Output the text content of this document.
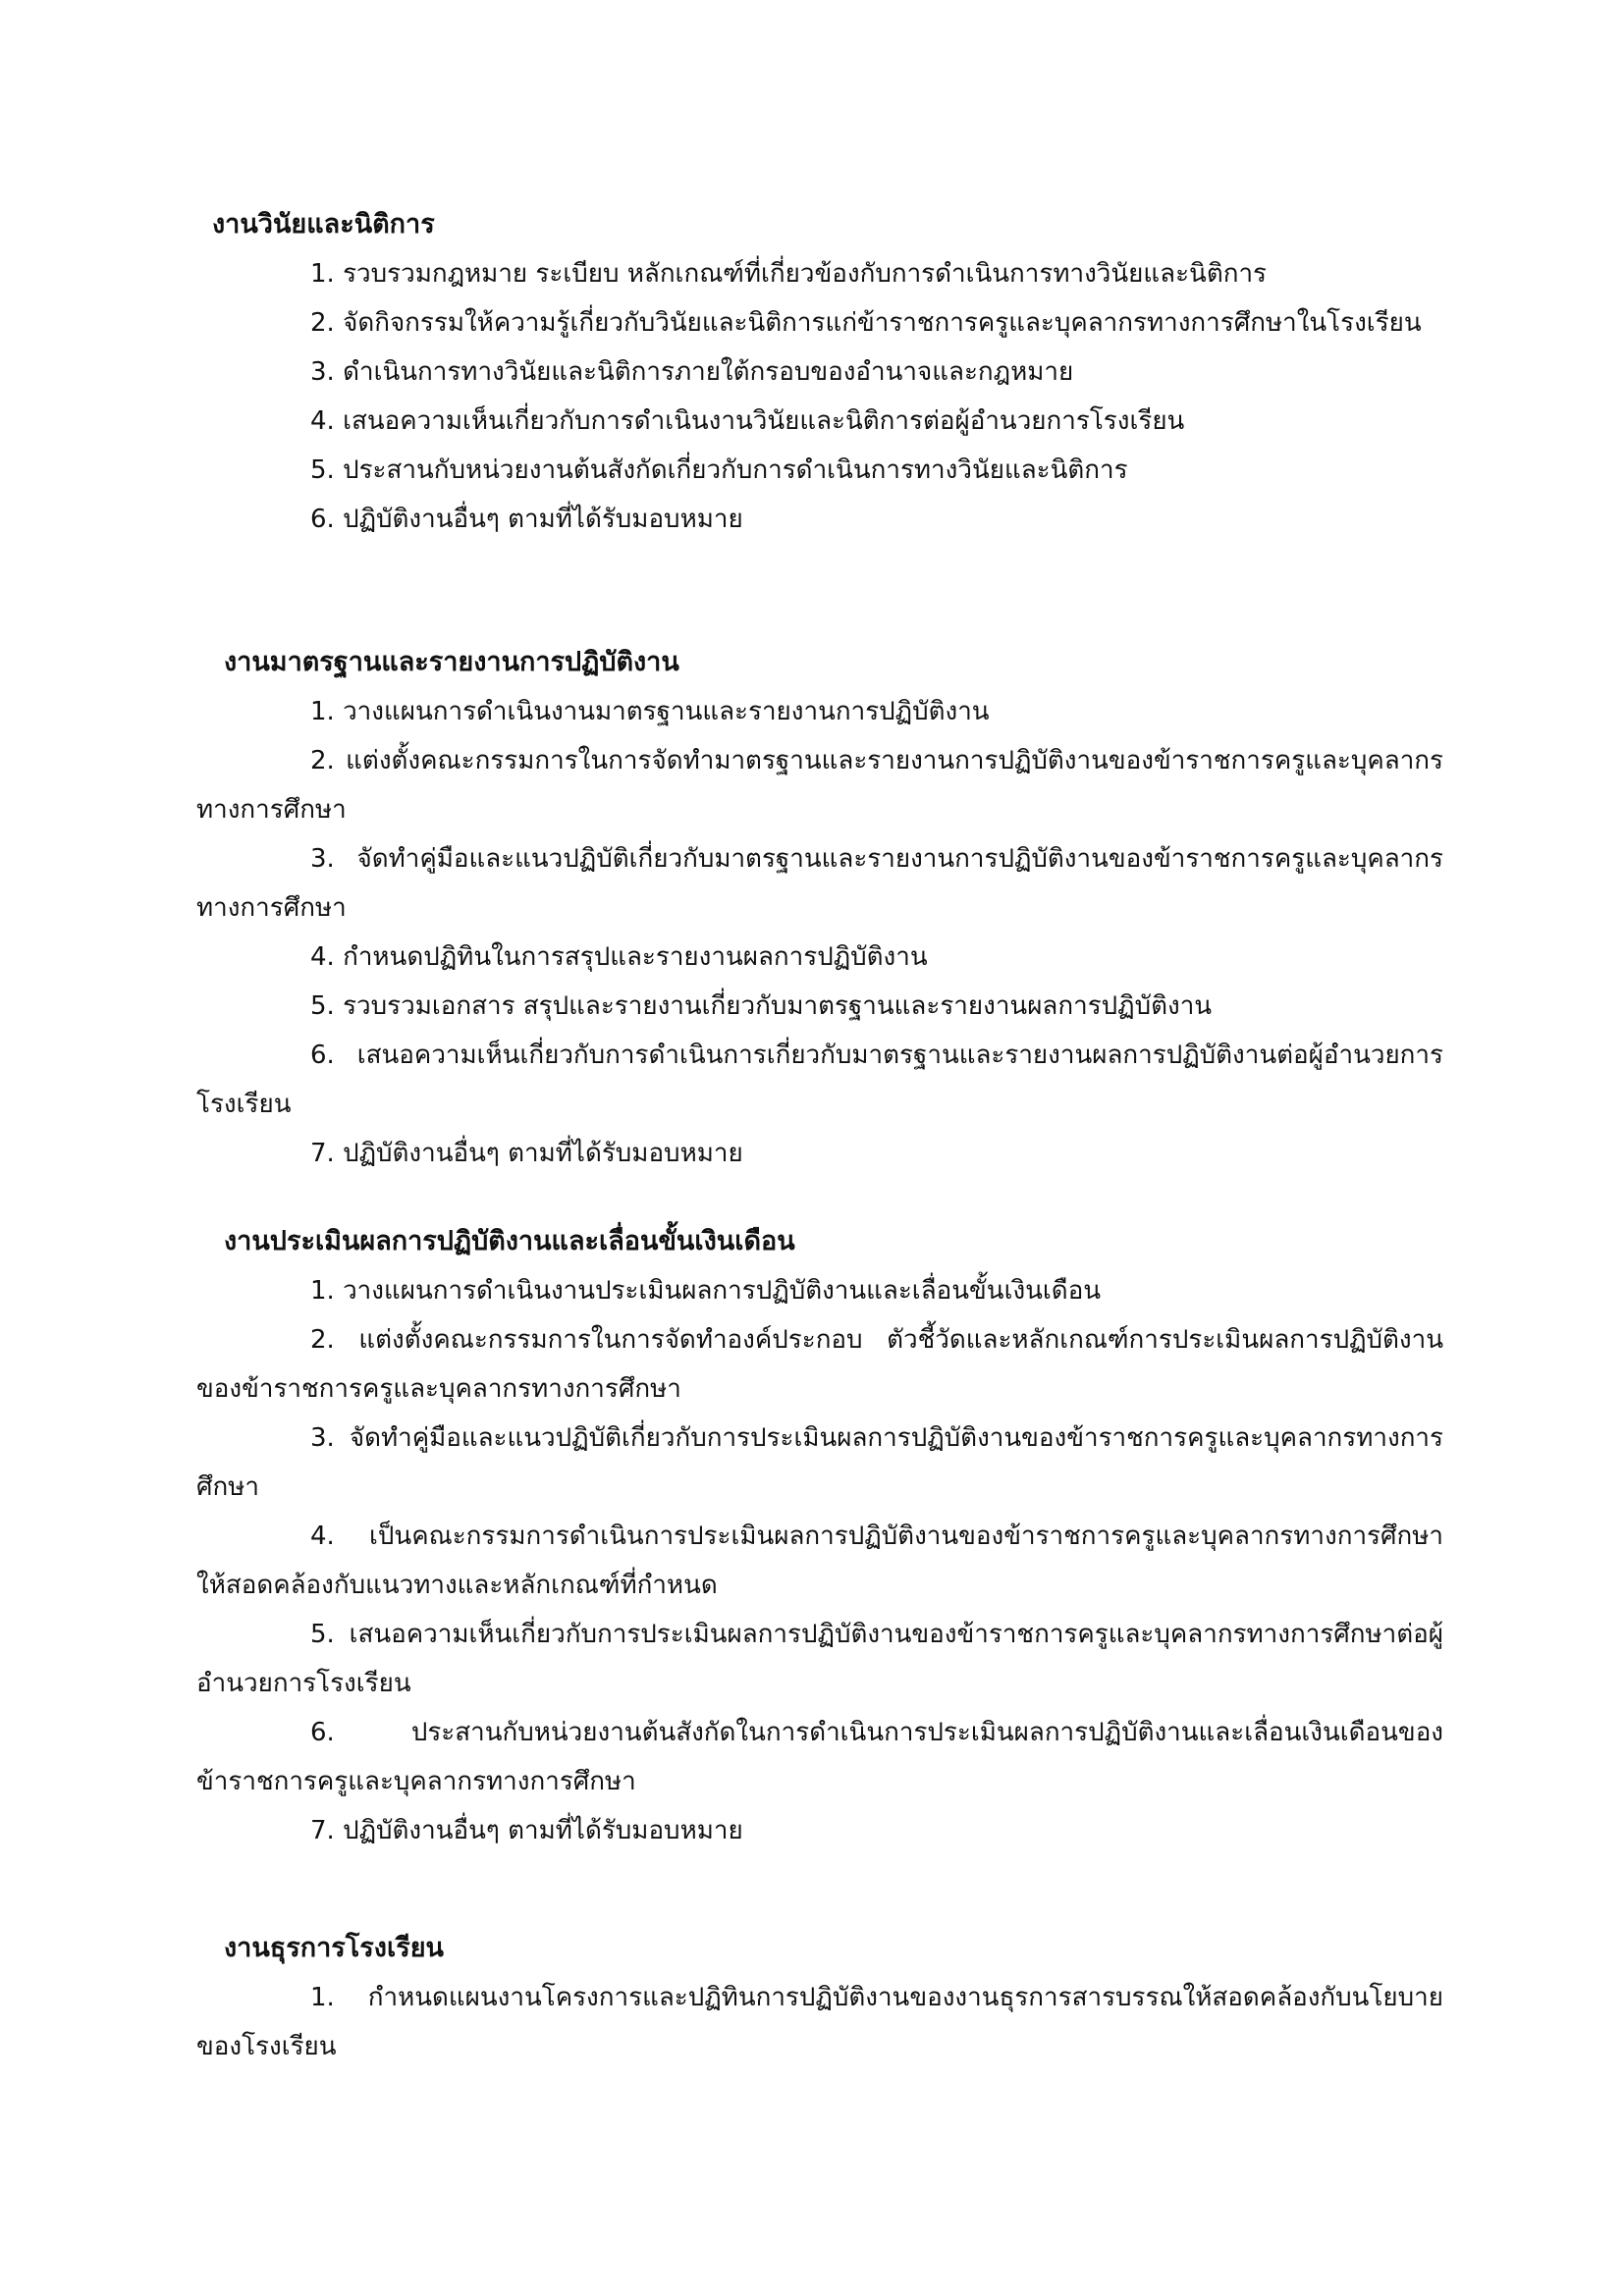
งานวินัยและนิติการ

1. รวบรวมกฎหมาย ระเบียบ หลักเกณฑ์ที่เกี่ยวข้องกับการดำเนินการทางวินัยและนิติการ

2. จัดกิจกรรมให้ความรู้เกี่ยวกับวินัยและนิติการแก่ข้าราชการครูและบุคลากรทางการศึกษาในโรงเรียน

3. ดำเนินการทางวินัยและนิติการภายใต้กรอบของอำนาจและกฎหมาย

4. เสนอความเห็นเกี่ยวกับการดำเนินงานวินัยและนิติการต่อผู้อำนวยการโรงเรียน

5. ประสานกับหน่วยงานต้นสังกัดเกี่ยวกับการดำเนินการทางวินัยและนิติการ

6. ปฏิบัติงานอื่นๆ ตามที่ได้รับมอบหมาย

งานมาตรฐานและรายงานการปฏิบัติงาน

1. วางแผนการดำเนินงานมาตรฐานและรายงานการปฏิบัติงาน

2. แต่งตั้งคณะกรรมการในการจัดทำมาตรฐานและรายงานการปฏิบัติงานของข้าราชการครูและบุคลากรทางการศึกษา

3. จัดทำคู่มือและแนวปฏิบัติเกี่ยวกับมาตรฐานและรายงานการปฏิบัติงานของข้าราชการครูและบุคลากรทางการศึกษา

4. กำหนดปฏิทินในการสรุปและรายงานผลการปฏิบัติงาน

5. รวบรวมเอกสาร สรุปและรายงานเกี่ยวกับมาตรฐานและรายงานผลการปฏิบัติงาน

6. เสนอความเห็นเกี่ยวกับการดำเนินการเกี่ยวกับมาตรฐานและรายงานผลการปฏิบัติงานต่อผู้อำนวยการโรงเรียน

7. ปฏิบัติงานอื่นๆ ตามที่ได้รับมอบหมาย

งานประเมินผลการปฏิบัติงานและเลื่อนขั้นเงินเดือน

1. วางแผนการดำเนินงานประเมินผลการปฏิบัติงานและเลื่อนขั้นเงินเดือน

2. แต่งตั้งคณะกรรมการในการจัดทำองค์ประกอบ ตัวชี้วัดและหลักเกณฑ์การประเมินผลการปฏิบัติงานของข้าราชการครูและบุคลากรทางการศึกษา

3. จัดทำคู่มือและแนวปฏิบัติเกี่ยวกับการประเมินผลการปฏิบัติงานของข้าราชการครูและบุคลากรทางการศึกษา

4. เป็นคณะกรรมการดำเนินการประเมินผลการปฏิบัติงานของข้าราชการครูและบุคลากรทางการศึกษาให้สอดคล้องกับแนวทางและหลักเกณฑ์ที่กำหนด

5. เสนอความเห็นเกี่ยวกับการประเมินผลการปฏิบัติงานของข้าราชการครูและบุคลากรทางการศึกษาต่อผู้อำนวยการโรงเรียน

6.	ประสานกับหน่วยงานต้นสังกัดในการดำเนินการประเมินผลการปฏิบัติงานและเลื่อนเงินเดือนของข้าราชการครูและบุคลากรทางการศึกษา

7. ปฏิบัติงานอื่นๆ ตามที่ได้รับมอบหมาย

งานธุรการโรงเรียน

1. กำหนดแผนงานโครงการและปฏิทินการปฏิบัติงานของงานธุรการสารบรรณให้สอดคล้องกับนโยบายของโรงเรียน
